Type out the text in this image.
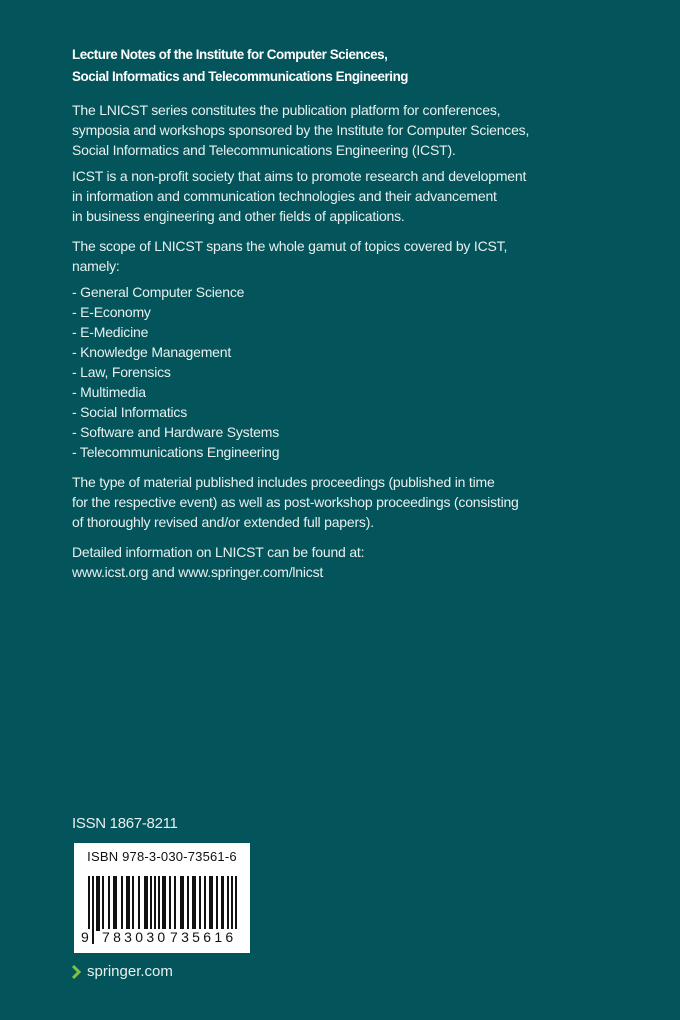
Lecture Notes of the Institute for Computer Sciences,
Social Informatics and Telecommunications Engineering
The LNICST series constitutes the publication platform for conferences,
symposia and workshops sponsored by the Institute for Computer Sciences,
Social Informatics and Telecommunications Engineering (ICST).
ICST is a non-profit society that aims to promote research and development
in information and communication technologies and their advancement
in business engineering and other fields of applications.
The scope of LNICST spans the whole gamut of topics covered by ICST,
namely:
- General Computer Science
- E-Economy
- E-Medicine
- Knowledge Management
- Law, Forensics
- Multimedia
- Social Informatics
- Software and Hardware Systems
- Telecommunications Engineering
The type of material published includes proceedings (published in time
for the respective event) as well as post-workshop proceedings (consisting
of thoroughly revised and/or extended full papers).
Detailed information on LNICST can be found at:
www.icst.org and www.springer.com/lnicst
ISSN 1867-8211
ISBN 978-3-030-73561-6
9 783030 735616
springer.com
